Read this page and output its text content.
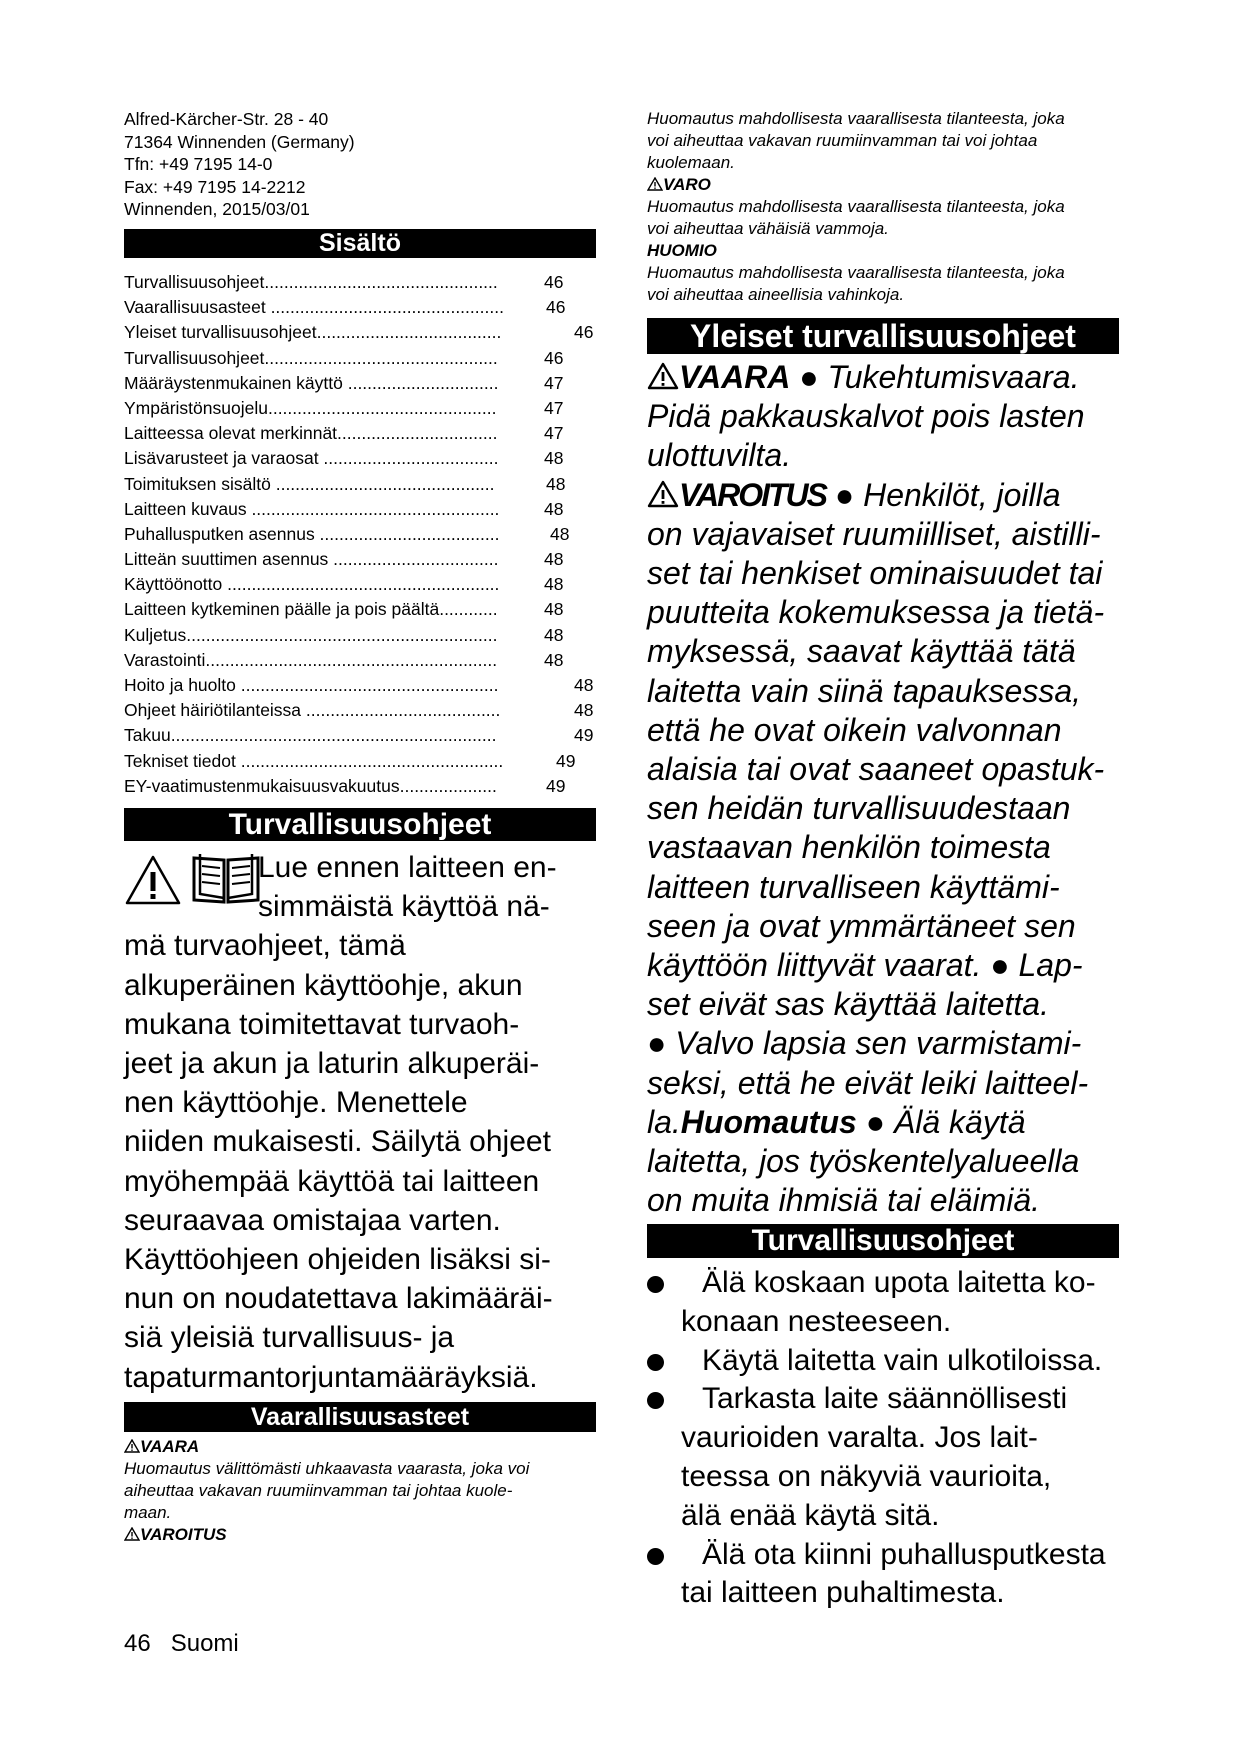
Alfred-Kärcher-Str. 28 - 40
71364 Winnenden (Germany)
Tfn: +49 7195 14-0
Fax: +49 7195 14-2212
Winnenden, 2015/03/01
Sisältö
Turvallisuusohjeet................................................	46
Vaarallisuusasteet ................................................ 46
Yleiset turvallisuusohjeet......................................	46
Turvallisuusohjeet................................................	46
Määräystenmukainen käyttö ...............................	47
Ympäristönsuojelu...............................................	47
Laitteessa olevat merkinnät.................................	47
Lisävarusteet ja varaosat ....................................	48
Toimituksen sisältö .............................................	48
Laitteen kuvaus ...................................................	48
Puhallusputken asennus .....................................	48
Litteän suuttimen asennus ..................................	48
Käyttöönotto ........................................................	48
Laitteen kytkeminen päälle ja pois päältä............	48
Kuljetus................................................................	48
Varastointi............................................................	48
Hoito ja huolto .....................................................	48
Ohjeet häiriötilanteissa ........................................	48
Takuu...................................................................	49
Tekniset tiedot ......................................................	49
EY-vaatimustenmukaisuusvakuutus....................	49
Turvallisuusohjeet
Lue ennen laitteen en-
simmäistä käyttöä nä-
mä turvaohjeet, tämä
alkuperäinen käyttöohje, akun
mukana toimitettavat turvaoh-
jeet ja akun ja laturin alkuperäi-
nen käyttöohje. Menettele
niiden mukaisesti. Säilytä ohjeet
myöhempää käyttöä tai laitteen
seuraavaa omistajaa varten.
Käyttöohjeen ohjeiden lisäksi si-
nun on noudatettava lakimääräi-
siä yleisiä turvallisuus- ja
tapaturmantorjuntamääräyksiä.
Vaarallisuusasteet
VAARA
Huomautus välittömästi uhkaavasta vaarasta, joka voi
aiheuttaa vakavan ruumiinvamman tai johtaa kuole-
maan.
VAROITUS
Huomautus mahdollisesta vaarallisesta tilanteesta, joka
voi aiheuttaa vakavan ruumiinvamman tai voi johtaa
kuolemaan.
VARO
Huomautus mahdollisesta vaarallisesta tilanteesta, joka
voi aiheuttaa vähäisiä vammoja.
HUOMIO
Huomautus mahdollisesta vaarallisesta tilanteesta, joka
voi aiheuttaa aineellisia vahinkoja.
Yleiset turvallisuusohjeet
VAARA ● Tukehtumisvaara.
Pidä pakkauskalvot pois lasten
ulottuvilta.
VAROITUS ● Henkilöt, joilla
on vajavaiset ruumiilliset, aistilli-
set tai henkiset ominaisuudet tai
puutteita kokemuksessa ja tietä-
myksessä, saavat käyttää tätä
laitetta vain siinä tapauksessa,
että he ovat oikein valvonnan
alaisia tai ovat saaneet opastuk-
sen heidän turvallisuudestaan
vastaavan henkilön toimesta
laitteen turvalliseen käyttämi-
seen ja ovat ymmärtäneet sen
käyttöön liittyvät vaarat. ● Lap-
set eivät sas käyttää laitetta.
● Valvo lapsia sen varmistami-
seksi, että he eivät leiki laitteel-
la.Huomautus ● Älä käytä
laitetta, jos työskentelyalueella
on muita ihmisiä tai eläimiä.
Turvallisuusohjeet
Älä koskaan upota laitetta ko-
konaan nesteeseen.
Käytä laitetta vain ulkotiloissa.
Tarkasta laite säännöllisesti
vaurioiden varalta. Jos lait-
teessa on näkyviä vaurioita,
älä enää käytä sitä.
Älä ota kiinni puhallusputkesta
tai laitteen puhaltimesta.
46 Suomi
